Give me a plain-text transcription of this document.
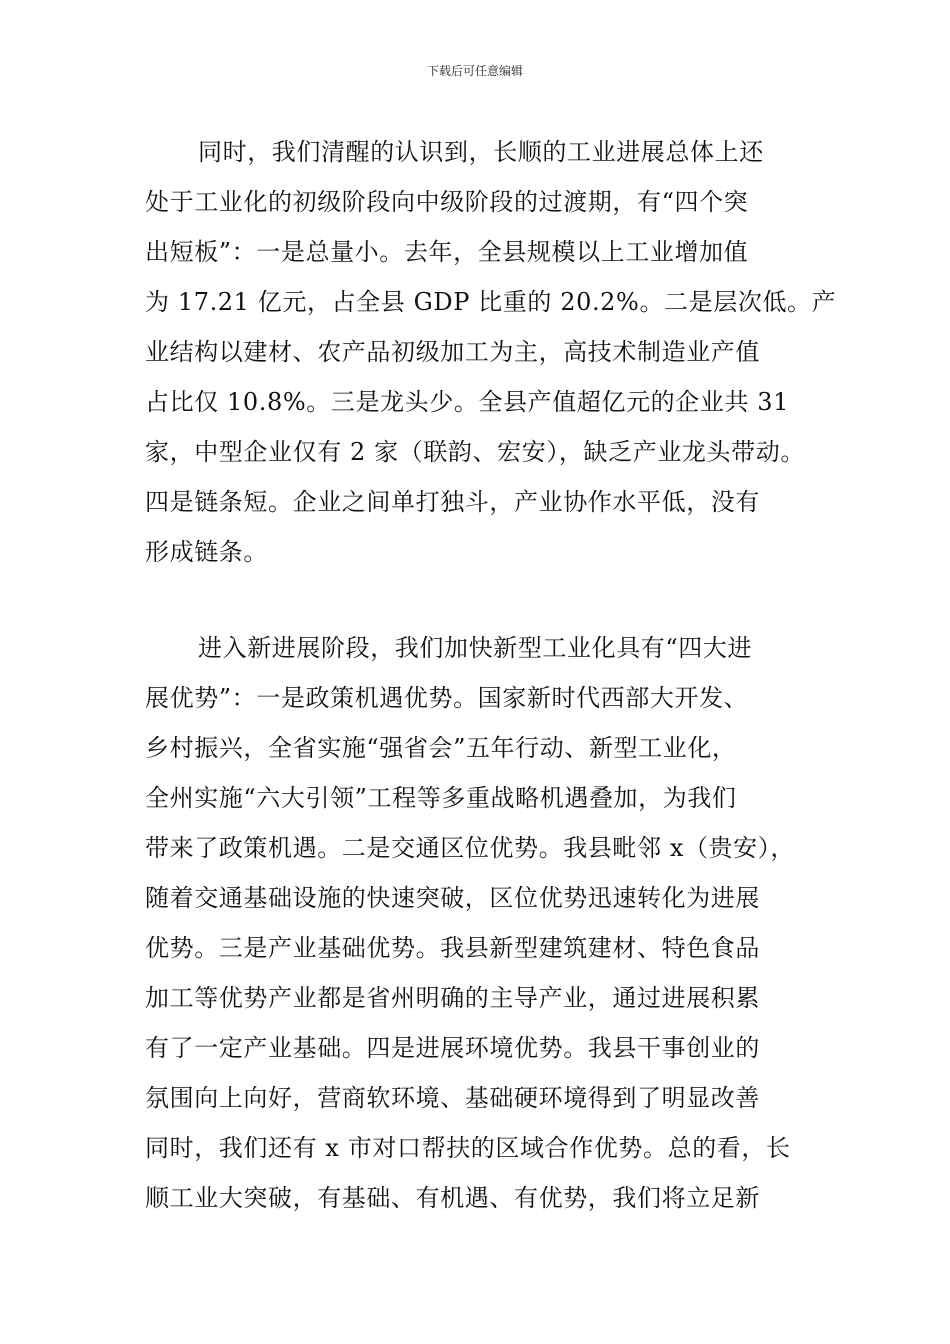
下载后可任意编辑
同时，我们清醒的认识到，长顺的工业进展总体上还
处于工业化的初级阶段向中级阶段的过渡期，有“四个突
出短板”：一是总量小。去年，全县规模以上工业增加值
为 17.21 亿元，占全县 GDP 比重的 20.2%。二是层次低。产
业结构以建材、农产品初级加工为主，高技术制造业产值
占比仅 10.8%。三是龙头少。全县产值超亿元的企业共 31
家，中型企业仅有 2 家（联韵、宏安），缺乏产业龙头带动。
四是链条短。企业之间单打独斗，产业协作水平低，没有
形成链条。
进入新进展阶段，我们加快新型工业化具有“四大进
展优势”：一是政策机遇优势。国家新时代西部大开发、
乡村振兴，全省实施“强省会”五年行动、新型工业化，
全州实施“六大引领”工程等多重战略机遇叠加，为我们
带来了政策机遇。二是交通区位优势。我县毗邻 x（贵安），
随着交通基础设施的快速突破，区位优势迅速转化为进展
优势。三是产业基础优势。我县新型建筑建材、特色食品
加工等优势产业都是省州明确的主导产业，通过进展积累
有了一定产业基础。四是进展环境优势。我县干事创业的
氛围向上向好，营商软环境、基础硬环境得到了明显改善
同时，我们还有 x 市对口帮扶的区域合作优势。总的看，长
顺工业大突破，有基础、有机遇、有优势，我们将立足新
